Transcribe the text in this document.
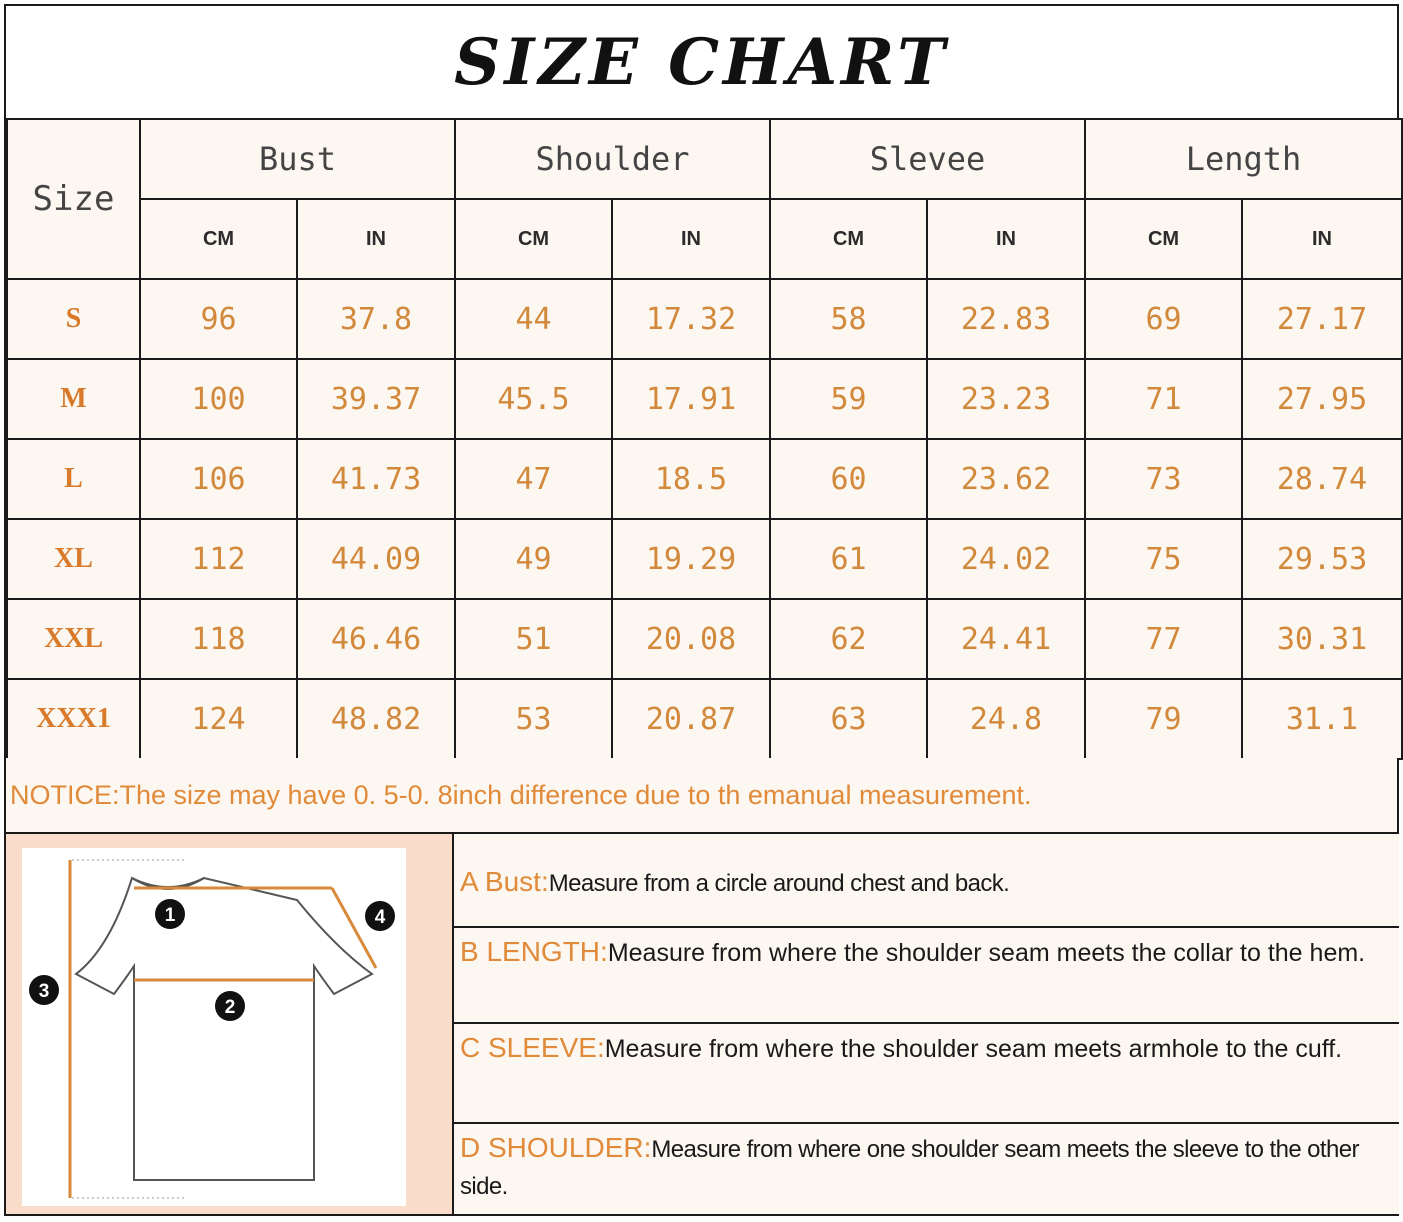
SIZE CHART
Size	Bust		Shoulder		Slevee		Length	
	CM	IN	CM	IN	CM	IN	CM	IN
S	96	37.8	44	17.32	58	22.83	69	27.17
M	100	39.37	45.5	17.91	59	23.23	71	27.95
L	106	41.73	47	18.5	60	23.62	73	28.74
XL	112	44.09	49	19.29	61	24.02	75	29.53
XXL	118	46.46	51	20.08	62	24.41	77	30.31
XXX1	124	48.82	53	20.87	63	24.8	79	31.1
NOTICE:The size may have 0. 5-0. 8inch difference due to th emanual measurement.
1
2
3
4
A Bust:Measure from a circle around chest and back.
B LENGTH:Measure from where the shoulder seam meets the collar to the hem.
C SLEEVE:Measure from where the shoulder seam meets armhole to the cuff.
D SHOULDER:Measure from where one shoulder seam meets the sleeve to the other side.
